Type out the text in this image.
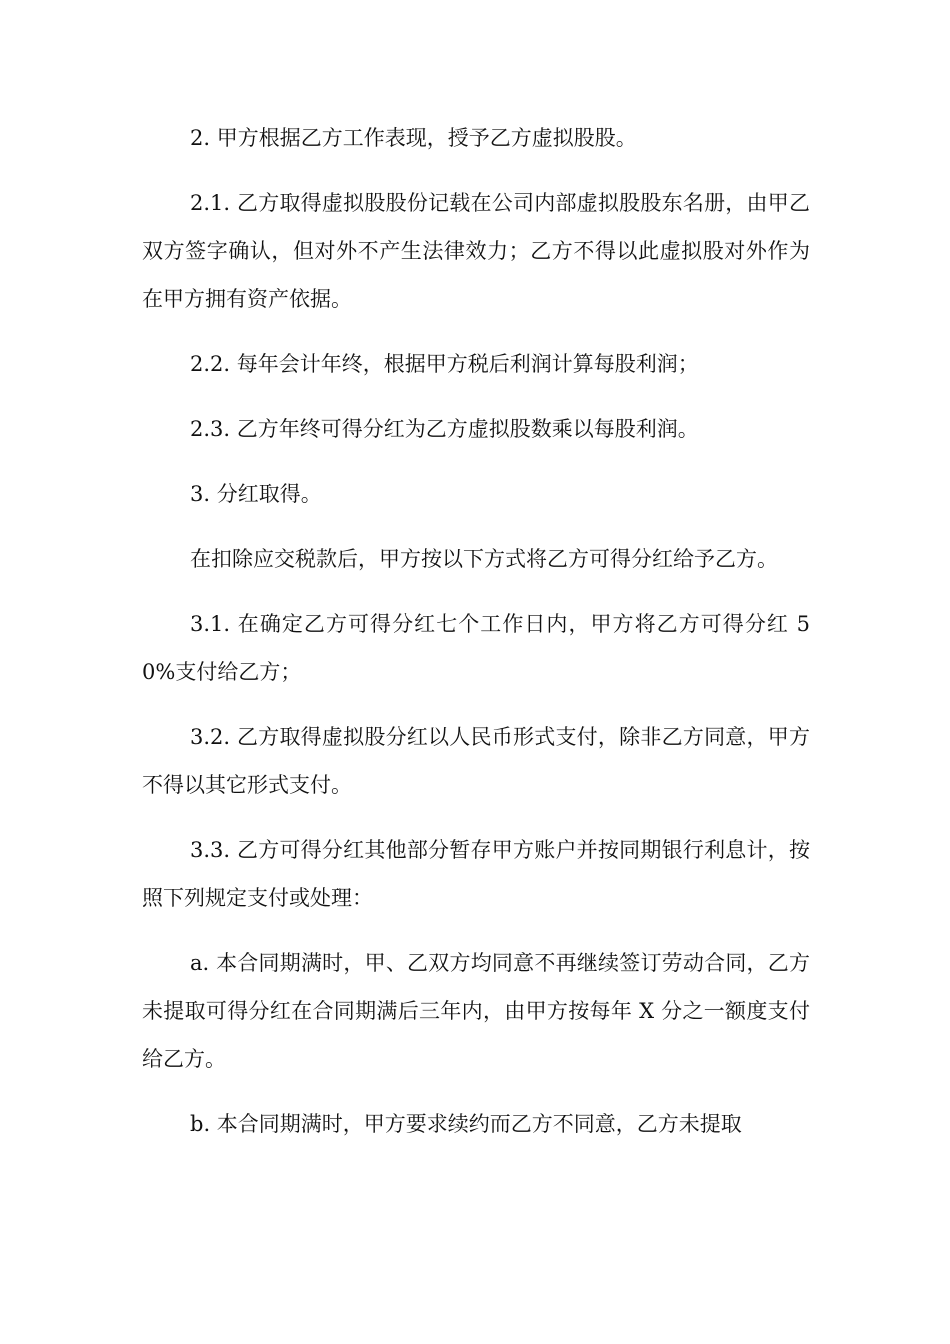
2. 甲方根据乙方工作表现，授予乙方虚拟股股。

2.1. 乙方取得虚拟股股份记载在公司内部虚拟股股东名册，由甲乙双方签字确认，但对外不产生法律效力；乙方不得以此虚拟股对外作为在甲方拥有资产依据。

2.2. 每年会计年终，根据甲方税后利润计算每股利润；

2.3. 乙方年终可得分红为乙方虚拟股数乘以每股利润。

3. 分红取得。

在扣除应交税款后，甲方按以下方式将乙方可得分红给予乙方。

3.1. 在确定乙方可得分红七个工作日内，甲方将乙方可得分红 50%支付给乙方；

3.2. 乙方取得虚拟股分红以人民币形式支付，除非乙方同意，甲方不得以其它形式支付。

3.3. 乙方可得分红其他部分暂存甲方账户并按同期银行利息计，按照下列规定支付或处理：

a. 本合同期满时，甲、乙双方均同意不再继续签订劳动合同，乙方未提取可得分红在合同期满后三年内，由甲方按每年 X 分之一额度支付给乙方。

b. 本合同期满时，甲方要求续约而乙方不同意，乙方未提取
